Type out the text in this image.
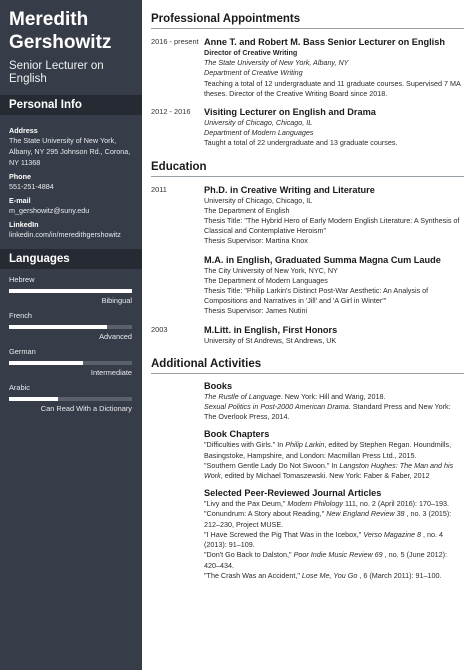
Meredith Gershowitz
Senior Lecturer on English
Personal Info
Address
The State University of New York, Albany, NY 295 Johnson Rd., Corona, NY 11368
Phone
551-251-4884
E-mail
m_gershowitz@suny.edu
LinkedIn
linkedin.com/in/meredithgershowitz
Languages
Hebrew
Bibingual
French
Advanced
German
Intermediate
Arabic
Can Read With a Dictionary
Professional Appointments
2016 - present Anne T. and Robert M. Bass Senior Lecturer on English
Director of Creative Writing
The State University of New York, Albany, NY
Department of Creative Writing
Teaching a total of 12 undergraduate and 11 graduate courses. Supervised 7 MA theses. Director of the Creative Writing Board since 2018.
2012 - 2016	Visiting Lecturer on English and Drama
University of Chicago, Chicago, IL
Department of Modern Languages
Taught a total of 22 undergraduate and 13 graduate courses.
Education
2011	Ph.D. in Creative Writing and Literature
University of Chicago, Chicago, IL
The Department of English
Thesis Title: "The Hybrid Hero of Early Modern English Literature: A Synthesis of Classical and Contemplative Heroism"
Thesis Supervisor: Martina Knox
M.A. in English, Graduated Summa Magna Cum Laude
The City University of New York, NYC, NY
The Department of Modern Languages
Thesis Title: "Philip Larkin's Distinct Post-War Aesthetic: An Analysis of Compositions and Narratives in 'Jill' and 'A Girl in Winter'"
Thesis Supervisor: James Nutini
2003	M.Litt. in English, First Honors
University of St Andrews, St Andrews, UK
Additional Activities
Books
The Rustle of Language. New York: Hill and Wang, 2018.
Sexual Politics in Post-2000 American Drama. Standard Press and New York: The Overlook Press, 2014.
Book Chapters
"Difficulties with Girls." In Philip Larkin, edited by Stephen Regan. Houndmills, Basingstoke, Hampshire, and London: Macmillan Press Ltd., 2015.
"Southern Gentle Lady Do Not Swoon." In Langston Hughes: The Man and his Work, edited by Michael Tomaszewski. New York: Faber & Faber, 2012
Selected Peer-Reviewed Journal Articles
"Livy and the Pax Deum," Modern Philology 111, no. 2 (April 2016): 170–193.
"Conundrum: A Story about Reading," New England Review 38 , no. 3 (2015): 212–230, Project MUSE.
"I Have Screwed the Pig That Was in the Icebox," Verso Magazine 8 , no. 4 (2013): 91–109.
"Don't Go Back to Dalston," Poor Indie Music Review 69 , no. 5 (June 2012): 420–434.
"The Crash Was an Accident," Lose Me, You Go , 6 (March 2011): 91–100.
